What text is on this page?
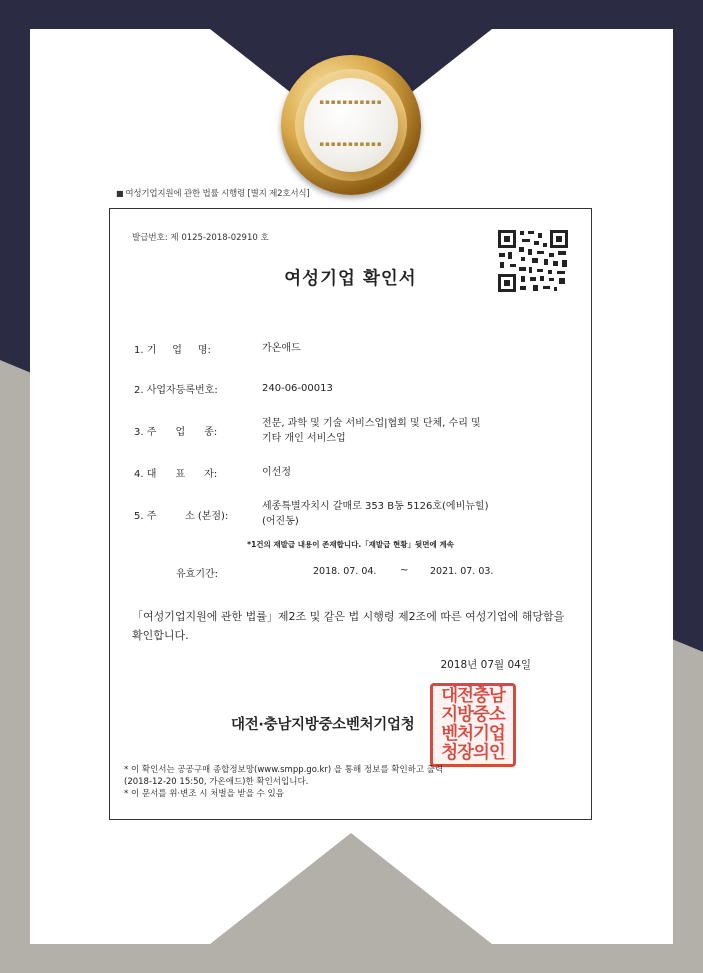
▪▪▪▪▪▪▪▪▪▪▪
▪▪▪▪▪▪▪▪▪▪▪
■ 여성기업지원에 관한 법률 시행령 [별지 제2호서식]
발급번호: 제 0125-2018-02910 호
여성기업 확인서
1. 기     업     명:	가온애드
2. 사업자등록번호:	240-06-00013
3. 주      업      종:
전문, 과학 및 기술 서비스업|협회 및 단체, 수리 및
기타 개인 서비스업
4. 대      표      자:	이선정
5. 주         소 (본점):
세종특별자치시 갈매로 353 B동 5126호(에비뉴힐)
(어진동)
*1건의 재발급 내용이 존재합니다.「재발급 현황」뒷면에 계속
유효기간:	2018. 07. 04. ~ 2021. 07. 03.
「여성기업지원에 관한 법률」제2조 및 같은 법 시행령 제2조에 따른 여성기업에 해당함을 확인합니다.
2018년 07월 04일
대전·충남지방중소벤처기업청
대전충남
지방중소
벤처기업
청장의인
* 이 확인서는 공공구매 종합정보망(www.smpp.go.kr) 을 통해 정보를 확인하고 출력
(2018-12-20 15:50, 가온애드)한 확인서입니다.
* 이 문서를 위·변조 시 처벌을 받을 수 있음
